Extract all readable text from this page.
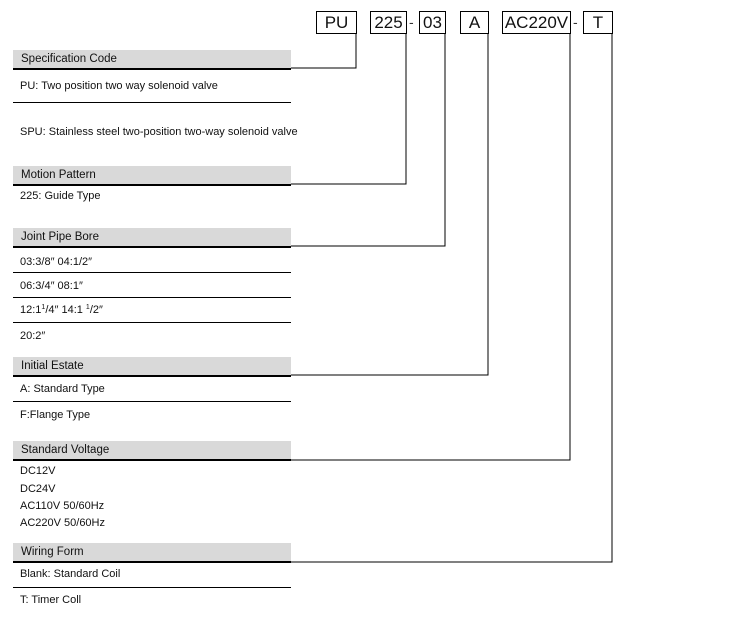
PU	225 - 03	A	AC220V - T
Specification Code
PU: Two position two way solenoid valve
SPU: Stainless steel two-position two-way solenoid valve
Motion Pattern
225: Guide Type
Joint Pipe Bore
03:3/8″ 04:1/2″
06:3/4″ 08:1″
$12:1^1/4''$ 14:1 $^1$/2″
20:2″
Initial Estate
A: Standard Type
F:Flange Type
Standard Voltage
DC12V
DC24V
AC110V 50/60Hz
AC220V 50/60Hz
Wiring Form
Blank: Standard Coil
T: Timer Coll
